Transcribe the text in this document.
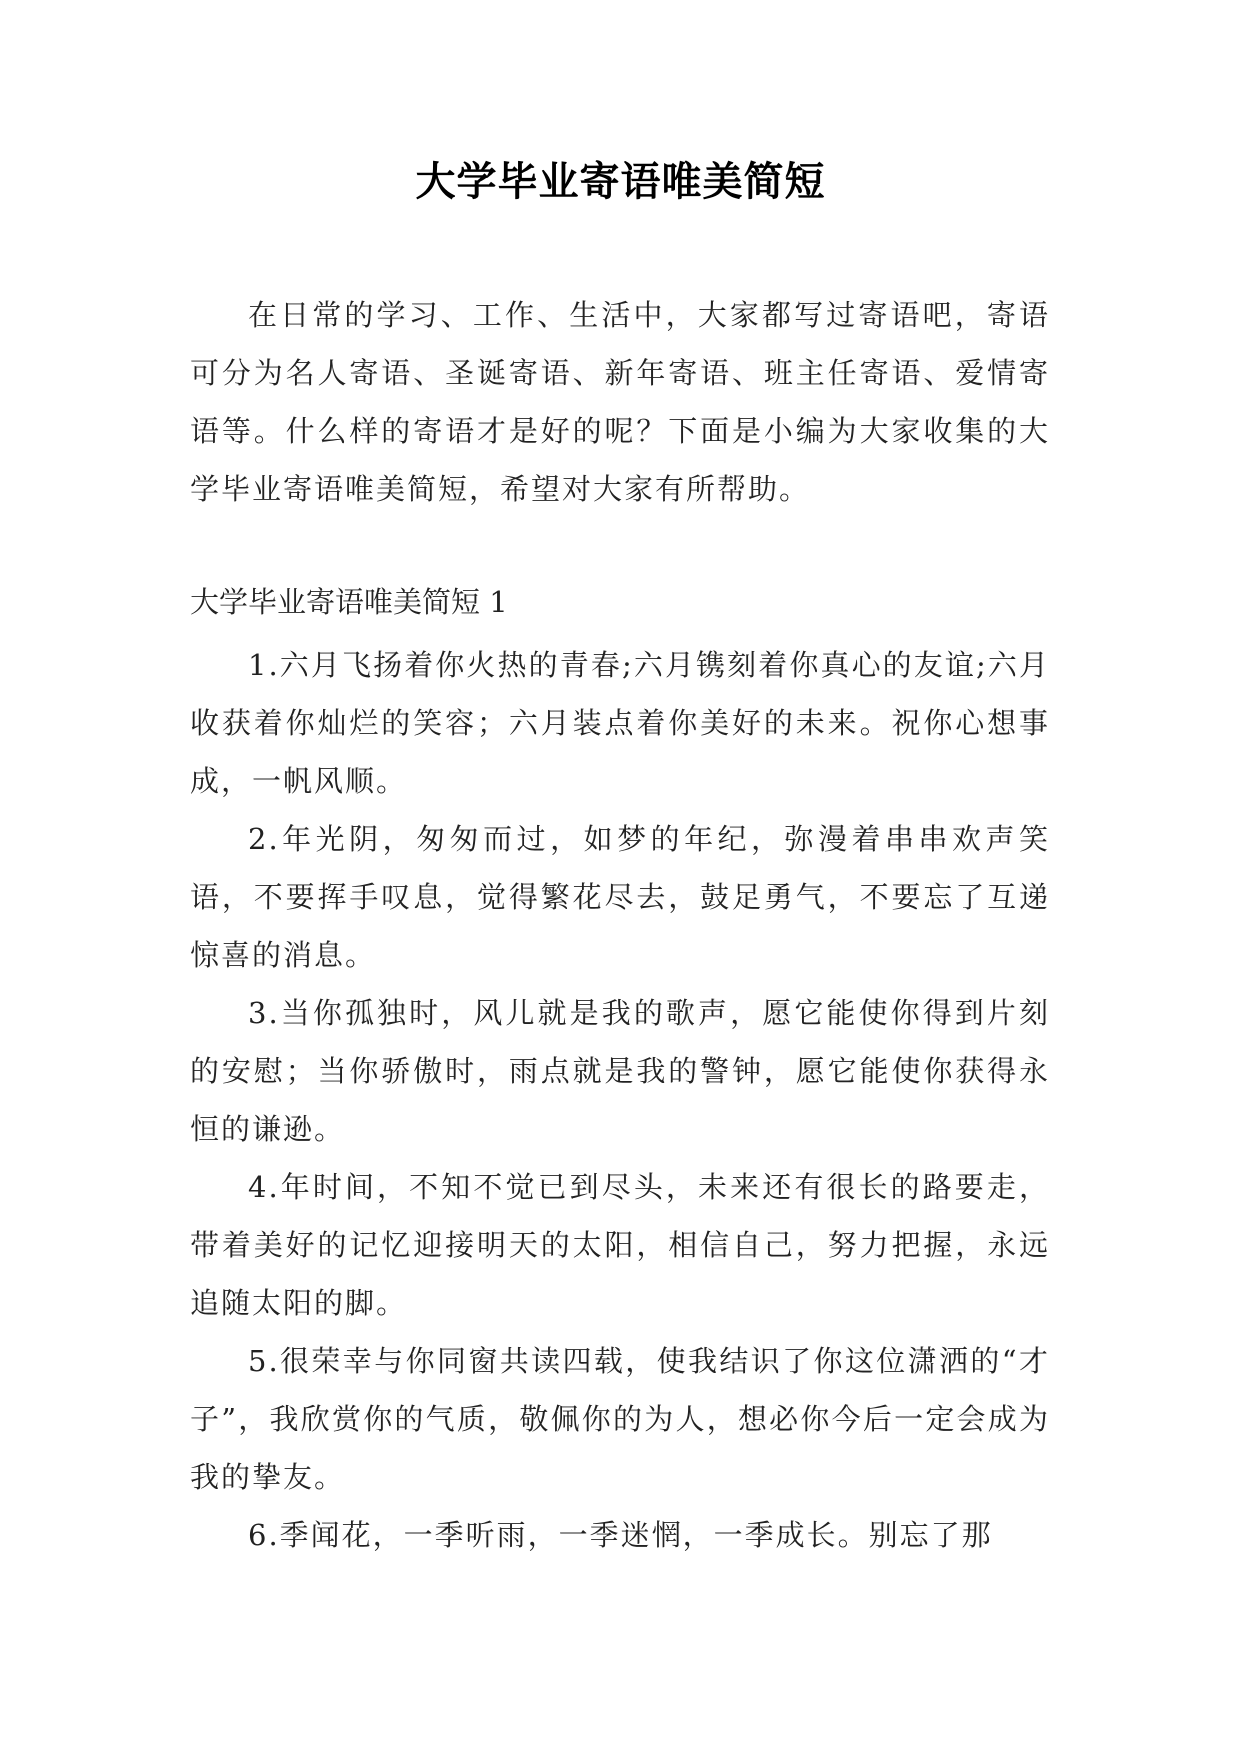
大学毕业寄语唯美简短

在日常的学习、工作、生活中，大家都写过寄语吧，寄语可分为名人寄语、圣诞寄语、新年寄语、班主任寄语、爱情寄语等。什么样的寄语才是好的呢？下面是小编为大家收集的大学毕业寄语唯美简短，希望对大家有所帮助。

大学毕业寄语唯美简短 1

1.六月飞扬着你火热的青春;六月镌刻着你真心的友谊;六月收获着你灿烂的笑容；六月装点着你美好的未来。祝你心想事成，一帆风顺。

2.年光阴，匆匆而过，如梦的年纪，弥漫着串串欢声笑语，不要挥手叹息，觉得繁花尽去，鼓足勇气，不要忘了互递惊喜的消息。

3.当你孤独时，风儿就是我的歌声，愿它能使你得到片刻的安慰；当你骄傲时，雨点就是我的警钟，愿它能使你获得永恒的谦逊。

4.年时间，不知不觉已到尽头，未来还有很长的路要走，带着美好的记忆迎接明天的太阳，相信自己，努力把握，永远追随太阳的脚。

5.很荣幸与你同窗共读四载，使我结识了你这位潇洒的“才子”，我欣赏你的气质，敬佩你的为人，想必你今后一定会成为我的挚友。

6.季闻花，一季听雨，一季迷惘，一季成长。别忘了那
